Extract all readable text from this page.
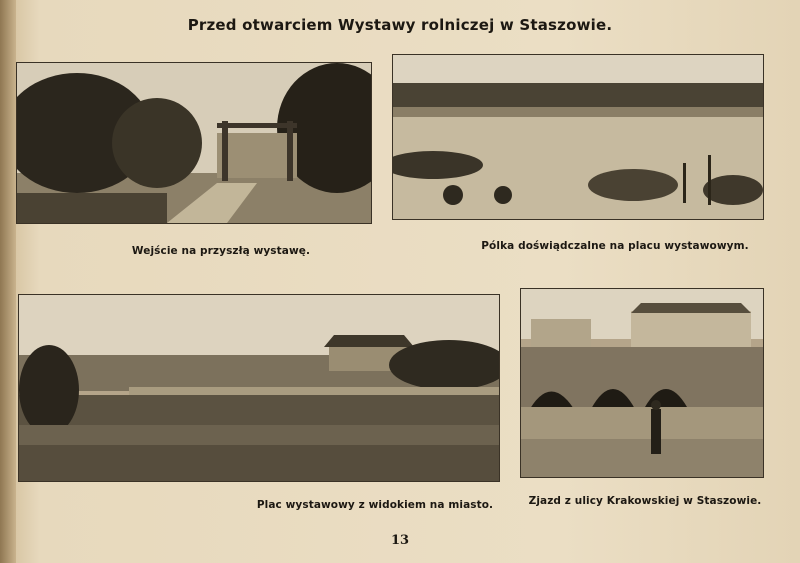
Przed otwarciem Wystawy rolniczej w Staszowie.
Wejście na przyszłą wystawę.	Pólka doświądczalne na placu wystawowym.
Plac wystawowy z widokiem na miasto.	Zjazd z ulicy Krakowskiej w Staszowie.
13
